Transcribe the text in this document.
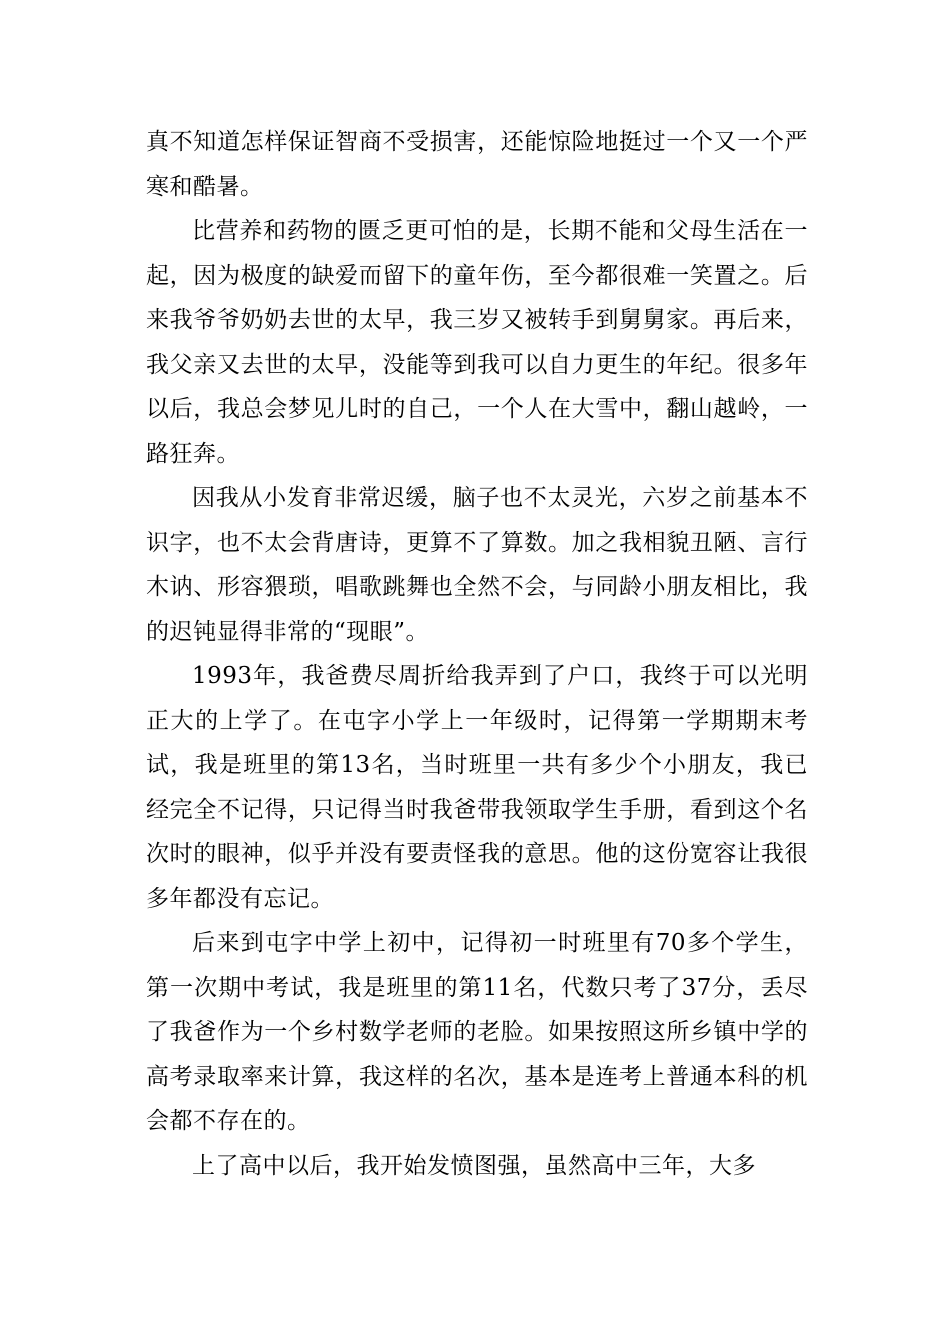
真不知道怎样保证智商不受损害，还能惊险地挺过一个又一个严寒和酷暑。

比营养和药物的匮乏更可怕的是，长期不能和父母生活在一起，因为极度的缺爱而留下的童年伤，至今都很难一笑置之。后来我爷爷奶奶去世的太早，我三岁又被转手到舅舅家。再后来，我父亲又去世的太早，没能等到我可以自力更生的年纪。很多年以后，我总会梦见儿时的自己，一个人在大雪中，翻山越岭，一路狂奔。

因我从小发育非常迟缓，脑子也不太灵光，六岁之前基本不识字，也不太会背唐诗，更算不了算数。加之我相貌丑陋、言行木讷、形容猥琐，唱歌跳舞也全然不会，与同龄小朋友相比，我的迟钝显得非常的“现眼”。

1993年，我爸费尽周折给我弄到了户口，我终于可以光明正大的上学了。在屯字小学上一年级时，记得第一学期期末考试，我是班里的第13名，当时班里一共有多少个小朋友，我已经完全不记得，只记得当时我爸带我领取学生手册，看到这个名次时的眼神，似乎并没有要责怪我的意思。他的这份宽容让我很多年都没有忘记。

后来到屯字中学上初中，记得初一时班里有70多个学生，第一次期中考试，我是班里的第11名，代数只考了37分，丢尽了我爸作为一个乡村数学老师的老脸。如果按照这所乡镇中学的高考录取率来计算，我这样的名次，基本是连考上普通本科的机会都不存在的。

上了高中以后，我开始发愤图强，虽然高中三年，大多
